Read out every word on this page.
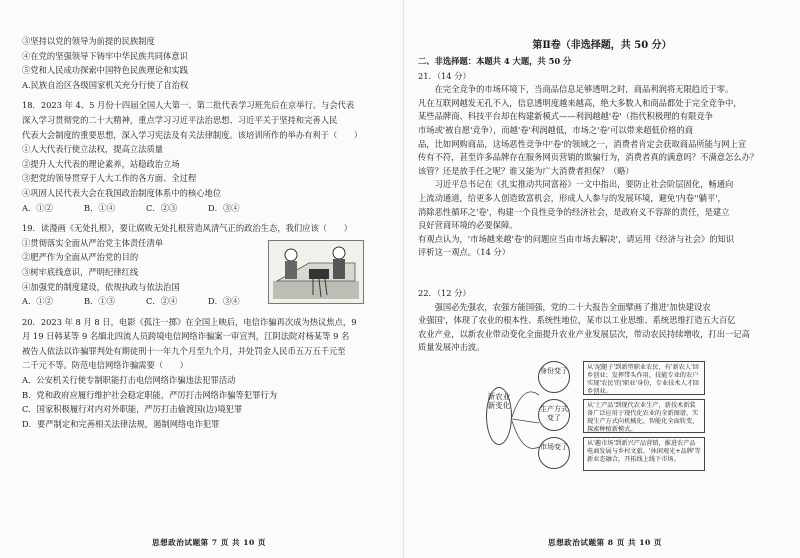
③坚持以党的领导为前提的民族制度
④在党的坚强领导下铸牢中华民族共同体意识
⑤党和人民成功探索中国特色民族理论和实践
A.民族自治区各级国家机关充分行使了自治权
18．2023 年 4、5 月份十四届全国人大第一、第二批代表学习班先后在京举行。与会代表
深入学习贯彻党的二十大精神，重点学习习近平法治思想、习近平关于坚持和完善人民
代表大会制度的重要思想，深入学习宪法及有关法律制度。该培训所作的举办有利于（　　）
①人大代表行使立法权，提高立法质量
②提升人大代表的理论素养，站稳政治立场
③把党的领导贯穿于人大工作的各方面、全过程
④巩固人民代表大会在我国政治制度体系中的核心地位
A．①②	B．①④	C．②③	D．③④
19．读漫画《无处扎根》，要让腐败无处扎根营造风清气正的政治生态，我们应该（　　）
①贯彻落实全面从严治党主体责任清单
②肥严作为全面从严治党的目的
③树牢底线意识，严明纪律红线
④加强党的制度建设，依规执政与依法治国
A．①②	B．①③	C．②④	D．③④
20．2023 年 8 月 8 日，电影《孤注一掷》在全国上映后，电信诈骗再次成为热议焦点，9
月 19 日韩某等 9 名缅北四流人员跨境电信网络诈骗案一审宣判，江阴法院对杨某等 9 名
被告人依法以诈骗罪判处有期徒刑十一年九个月至九个月，并处罚金人民币五万五千元至
二千元不等。防范电信网络诈骗需要（　　）
A．公安机关行使专制职能打击电信网络诈骗违法犯罪活动
B．党和政府应履行维护社会稳定职能，严厉打击网络诈骗等犯罪行为
C．国家积极履行对内对外职能，严厉打击偷渡国(边)境犯罪
D．要严制定和完善相关法律法规，遏制网络电诈犯罪
思想政治试题第 7 页 共 10 页
第Ⅱ卷（非选择题，共 50 分）
二、非选择题：本题共 4 大题，共 50 分
21．（14 分）
　　在完全竞争的市场环境下，当商品信息足够透明之时，商品利润将无限趋近于零。
凡在互联网越发无孔不入，信息透明度越来越高，绝大多数人和商品都处于完全竞争中，
某些品牌商、科技平台却在构建新模式——利润越越'卷'（指代积极理的有限竞争
市场或'被自愿'竞争），而越'卷'利润越低，市场之'卷'可以带来超低价格的商
品，比如网购商品，这场恶性竞争中'卷'的领域之一，消费者肯定会获取商品所能与网上宣
传有不符，甚至许多品牌存在服务网页营销的欺骗行为，消费者真的满意吗？不满意怎么办？
该管？还是放手任之呢？谁又能为广大消费者担保？（略）
　　习近平总书记在《扎实推动共同富裕》一文中指出，要防止社会阶层固化，畅通向
上流动通道，给更多人创造致富机会，形成人人参与的发展环境，避免'内卷''躺平'，
消除恶性循环之'卷'，构建一个良性竞争的经济社会，是政府义不容辞的责任，是建立
良好营商环境的必要保障。
有观点认为，'市场越来越'卷'的问题应当由市场去解决'，请运用《经济与社会》的知识
评析这一观点。（14 分）
22．（12 分）
　　强国必先强农，农强方能国强，党的二十大报告全面擘画了推进'加快建设农
业强国'，体现了农业的根本性、系统性地位，某市以工业思维、系统思维打造五大百亿
农业产业，以新农业带动变化全面提升农业产业发展层次，带动农民持续增收，打出一记高
质量发展冲击波。
新农业新变化
身份变了
生产方式变了
市场变了
从'泥腿子'到新型职业农民，有'新农人'回乡创业；发挥带头作用，技能专业的农户实现'农民'的'职业'身份，专业技术人才回乡创业。
从'土产品'到现代农业生产，新技术新装备广泛应用于现代化农业的全新图谱，实现生产方式向机械化、智能化全面转变，探索种植新模式。
从'趣市场'到新兴产品营销，推进农产品电商发展与乡村文旅、'休闲观光+品牌'等新业态融合，开拓线上线下市场。
思想政治试题第 8 页 共 10 页
